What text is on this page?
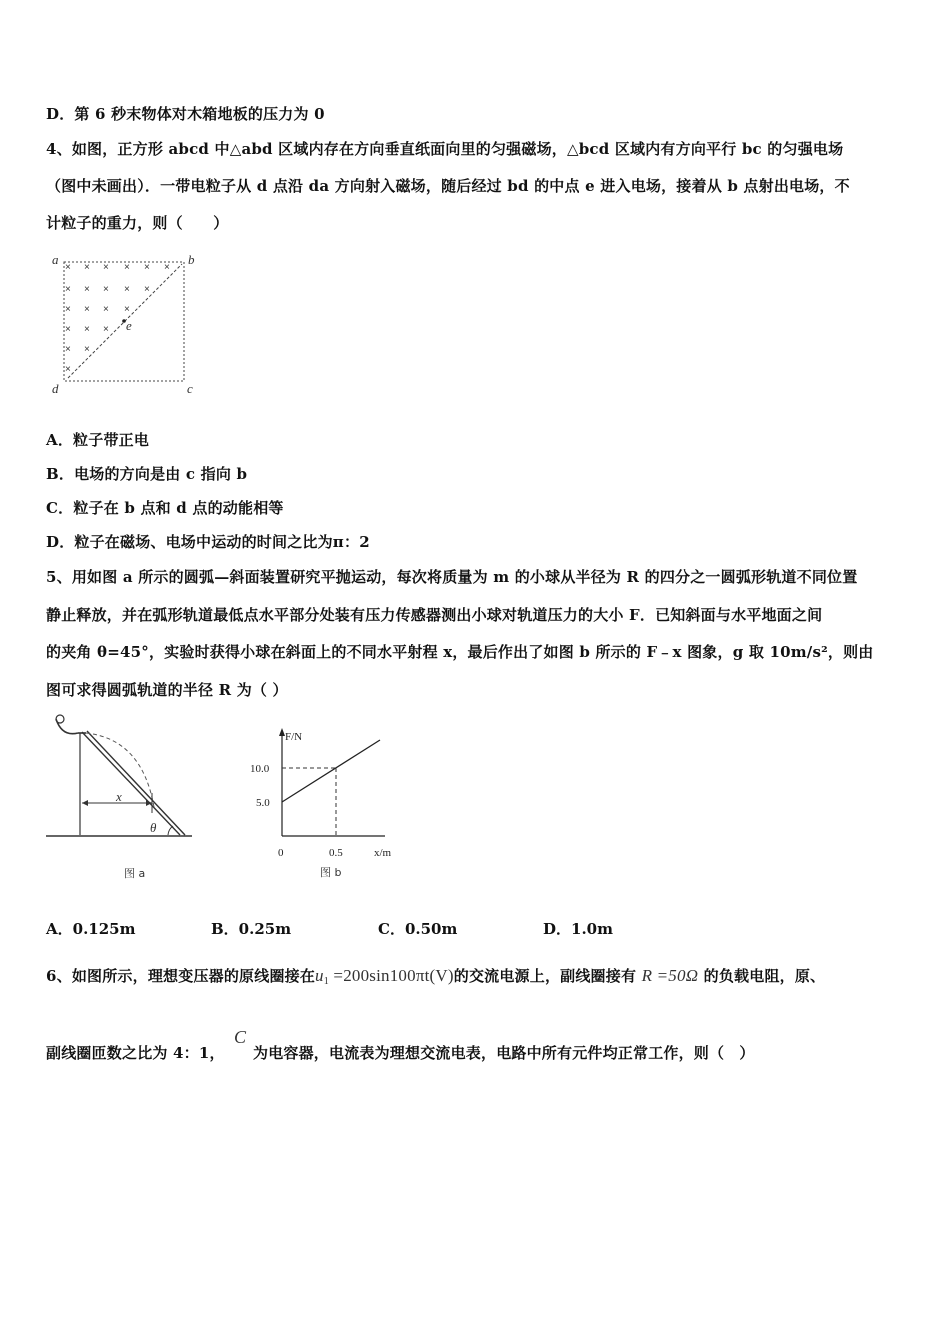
D．第 6 秒末物体对木箱地板的压力为 0
4、如图，正方形 abcd 中△abd 区域内存在方向垂直纸面向里的匀强磁场，△bcd 区域内有方向平行 bc 的匀强电场
（图中未画出）．一带电粒子从 d 点沿 da 方向射入磁场，随后经过 bd 的中点 e 进入电场，接着从 b 点射出电场，不
计粒子的重力，则（　　）
× × × × × ×
× × × × ×
× × × ×
× × ×
× ×
×
a	b
c
d
e
A．粒子带正电
B．电场的方向是由 c 指向 b
C．粒子在 b 点和 d 点的动能相等
D．粒子在磁场、电场中运动的时间之比为π：2
5、用如图 a 所示的圆弧—斜面装置研究平抛运动，每次将质量为 m 的小球从半径为 R 的四分之一圆弧形轨道不同位置
静止释放，并在弧形轨道最低点水平部分处装有压力传感器测出小球对轨道压力的大小 F．已知斜面与水平地面之间
的夹角 θ=45°，实验时获得小球在斜面上的不同水平射程 x，最后作出了如图 b 所示的 F﹣x 图象，g 取 10m/s²，则由
图可求得圆弧轨道的半径 R 为（ ）
x
θ
图 a
F/N
10.0
5.0
0	0.5	x/m
图 b
A．0.125m	B．0.25m	C．0.50m	D．1.0m
6、如图所示，理想变压器的原线圈接在$u_1 =200\sin 100\pi t(V)$的交流电源上，副线圈接有 R =50Ω 的负载电阻，原、
C
副线圈匝数之比为 4：1， 为电容器，电流表为理想交流电表，电路中所有元件均正常工作，则（　）
